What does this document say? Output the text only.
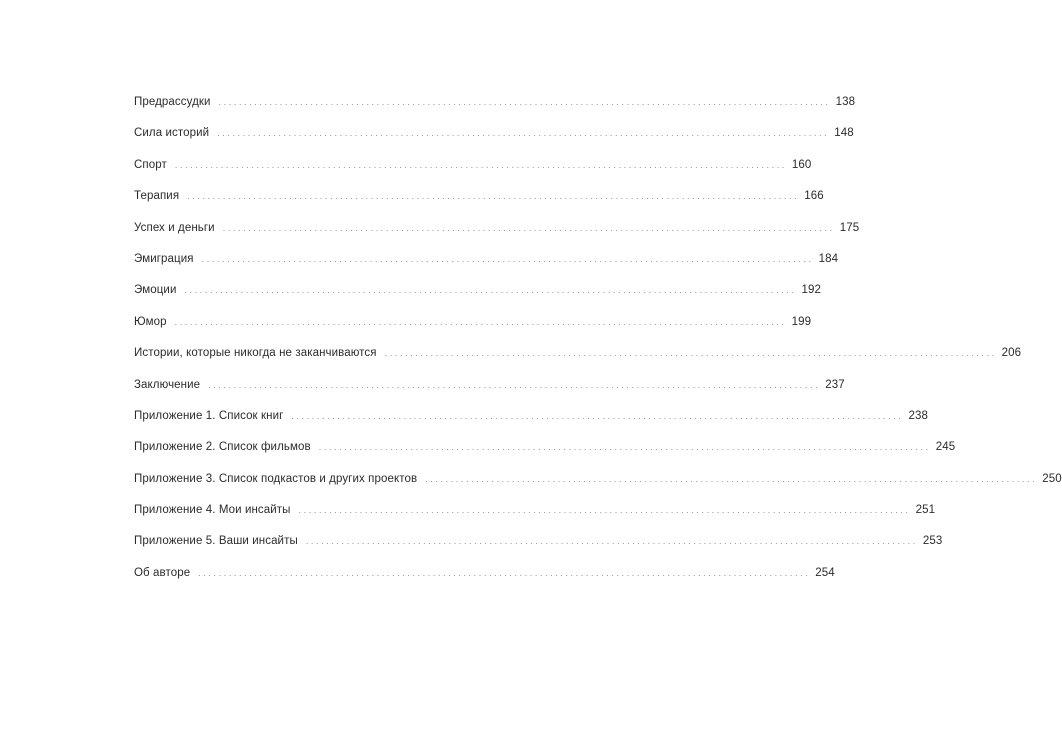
Предрассудки ........................................................................................................................ 138
Сила историй ........................................................................................................................ 148
Спорт ........................................................................................................................ 160
Терапия ........................................................................................................................ 166
Успех и деньги ........................................................................................................................ 175
Эмиграция ........................................................................................................................ 184
Эмоции ........................................................................................................................ 192
Юмор ........................................................................................................................ 199
Истории, которые никогда не заканчиваются ........................................................................................................................ 206
Заключение ........................................................................................................................ 237
Приложение 1. Список книг ........................................................................................................................ 238
Приложение 2. Список фильмов ........................................................................................................................ 245
Приложение 3. Список подкастов и других проектов ........................................................................................................................ 250
Приложение 4. Мои инсайты ........................................................................................................................ 251
Приложение 5. Ваши инсайты ........................................................................................................................ 253
Об авторе ........................................................................................................................ 254
